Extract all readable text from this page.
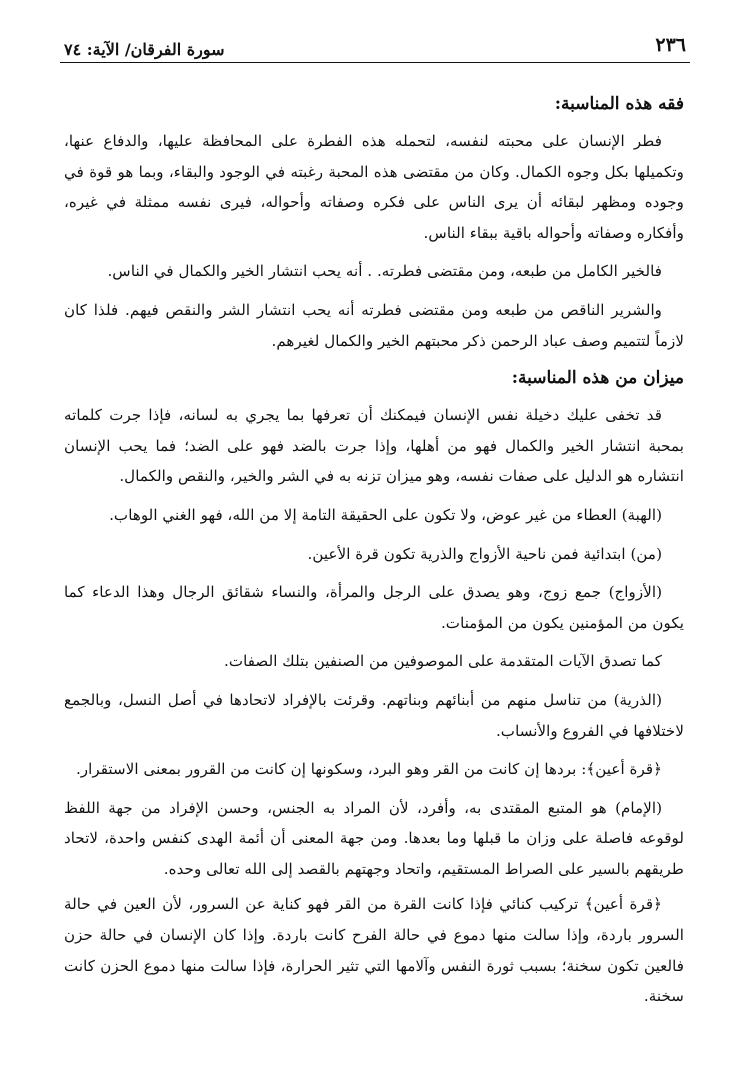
٢٣٦
سورة الفرقان/ الآية: ٧٤
فقه هذه المناسبة:

فطر الإنسان على محبته لنفسه، لتحمله هذه الفطرة على المحافظة عليها، والدفاع عنها، وتكميلها بكل وجوه الكمال. وكان من مقتضى هذه المحبة رغبته في الوجود والبقاء، وبما هو قوة في وجوده ومظهر لبقائه أن يرى الناس على فكره وصفاته وأحواله، فيرى نفسه ممثلة في غيره، وأفكاره وصفاته وأحواله باقية ببقاء الناس.

فالخير الكامل من طبعه، ومن مقتضى فطرته. . أنه يحب انتشار الخير والكمال في الناس.

والشرير الناقص من طبعه ومن مقتضى فطرته أنه يحب انتشار الشر والنقص فيهم. فلذا كان لازماً لتتميم وصف عباد الرحمن ذكر محبتهم الخير والكمال لغيرهم.

ميزان من هذه المناسبة:

قد تخفى عليك دخيلة نفس الإنسان فيمكنك أن تعرفها بما يجري به لسانه، فإذا جرت كلماته بمحبة انتشار الخير والكمال فهو من أهلها، وإذا جرت بالضد فهو على الضد؛ فما يحب الإنسان انتشاره هو الدليل على صفات نفسه، وهو ميزان تزنه به في الشر والخير، والنقص والكمال.

(الهبة) العطاء من غير عوض، ولا تكون على الحقيقة التامة إلا من الله، فهو الغني الوهاب.

(من) ابتدائية فمن ناحية الأزواج والذرية تكون قرة الأعين.

(الأزواج) جمع زوج، وهو يصدق على الرجل والمرأة، والنساء شقائق الرجال وهذا الدعاء كما يكون من المؤمنين يكون من المؤمنات.

كما تصدق الآيات المتقدمة على الموصوفين من الصنفين بتلك الصفات.

(الذرية) من تناسل منهم من أبنائهم وبناتهم. وقرئت بالإفراد لاتحادها في أصل النسل، وبالجمع لاختلافها في الفروع والأنساب.

﴿قرة أعين﴾: بردها إن كانت من القر وهو البرد، وسكونها إن كانت من القرور بمعنى الاستقرار.

(الإمام) هو المتبع المقتدى به، وأفرد، لأن المراد به الجنس، وحسن الإفراد من جهة اللفظ لوقوعه فاصلة على وزان ما قبلها وما بعدها. ومن جهة المعنى أن أئمة الهدى كنفس واحدة، لاتحاد طريقهم بالسير على الصراط المستقيم، واتحاد وجهتهم بالقصد إلى الله تعالى وحده.

﴿قرة أعين﴾ تركيب كنائي فإذا كانت القرة من القر فهو كناية عن السرور، لأن العين في حالة السرور باردة، وإذا سالت منها دموع في حالة الفرح كانت باردة. وإذا كان الإنسان في حالة حزن فالعين تكون سخنة؛ بسبب ثورة النفس وآلامها التي تثير الحرارة، فإذا سالت منها دموع الحزن كانت سخنة.
